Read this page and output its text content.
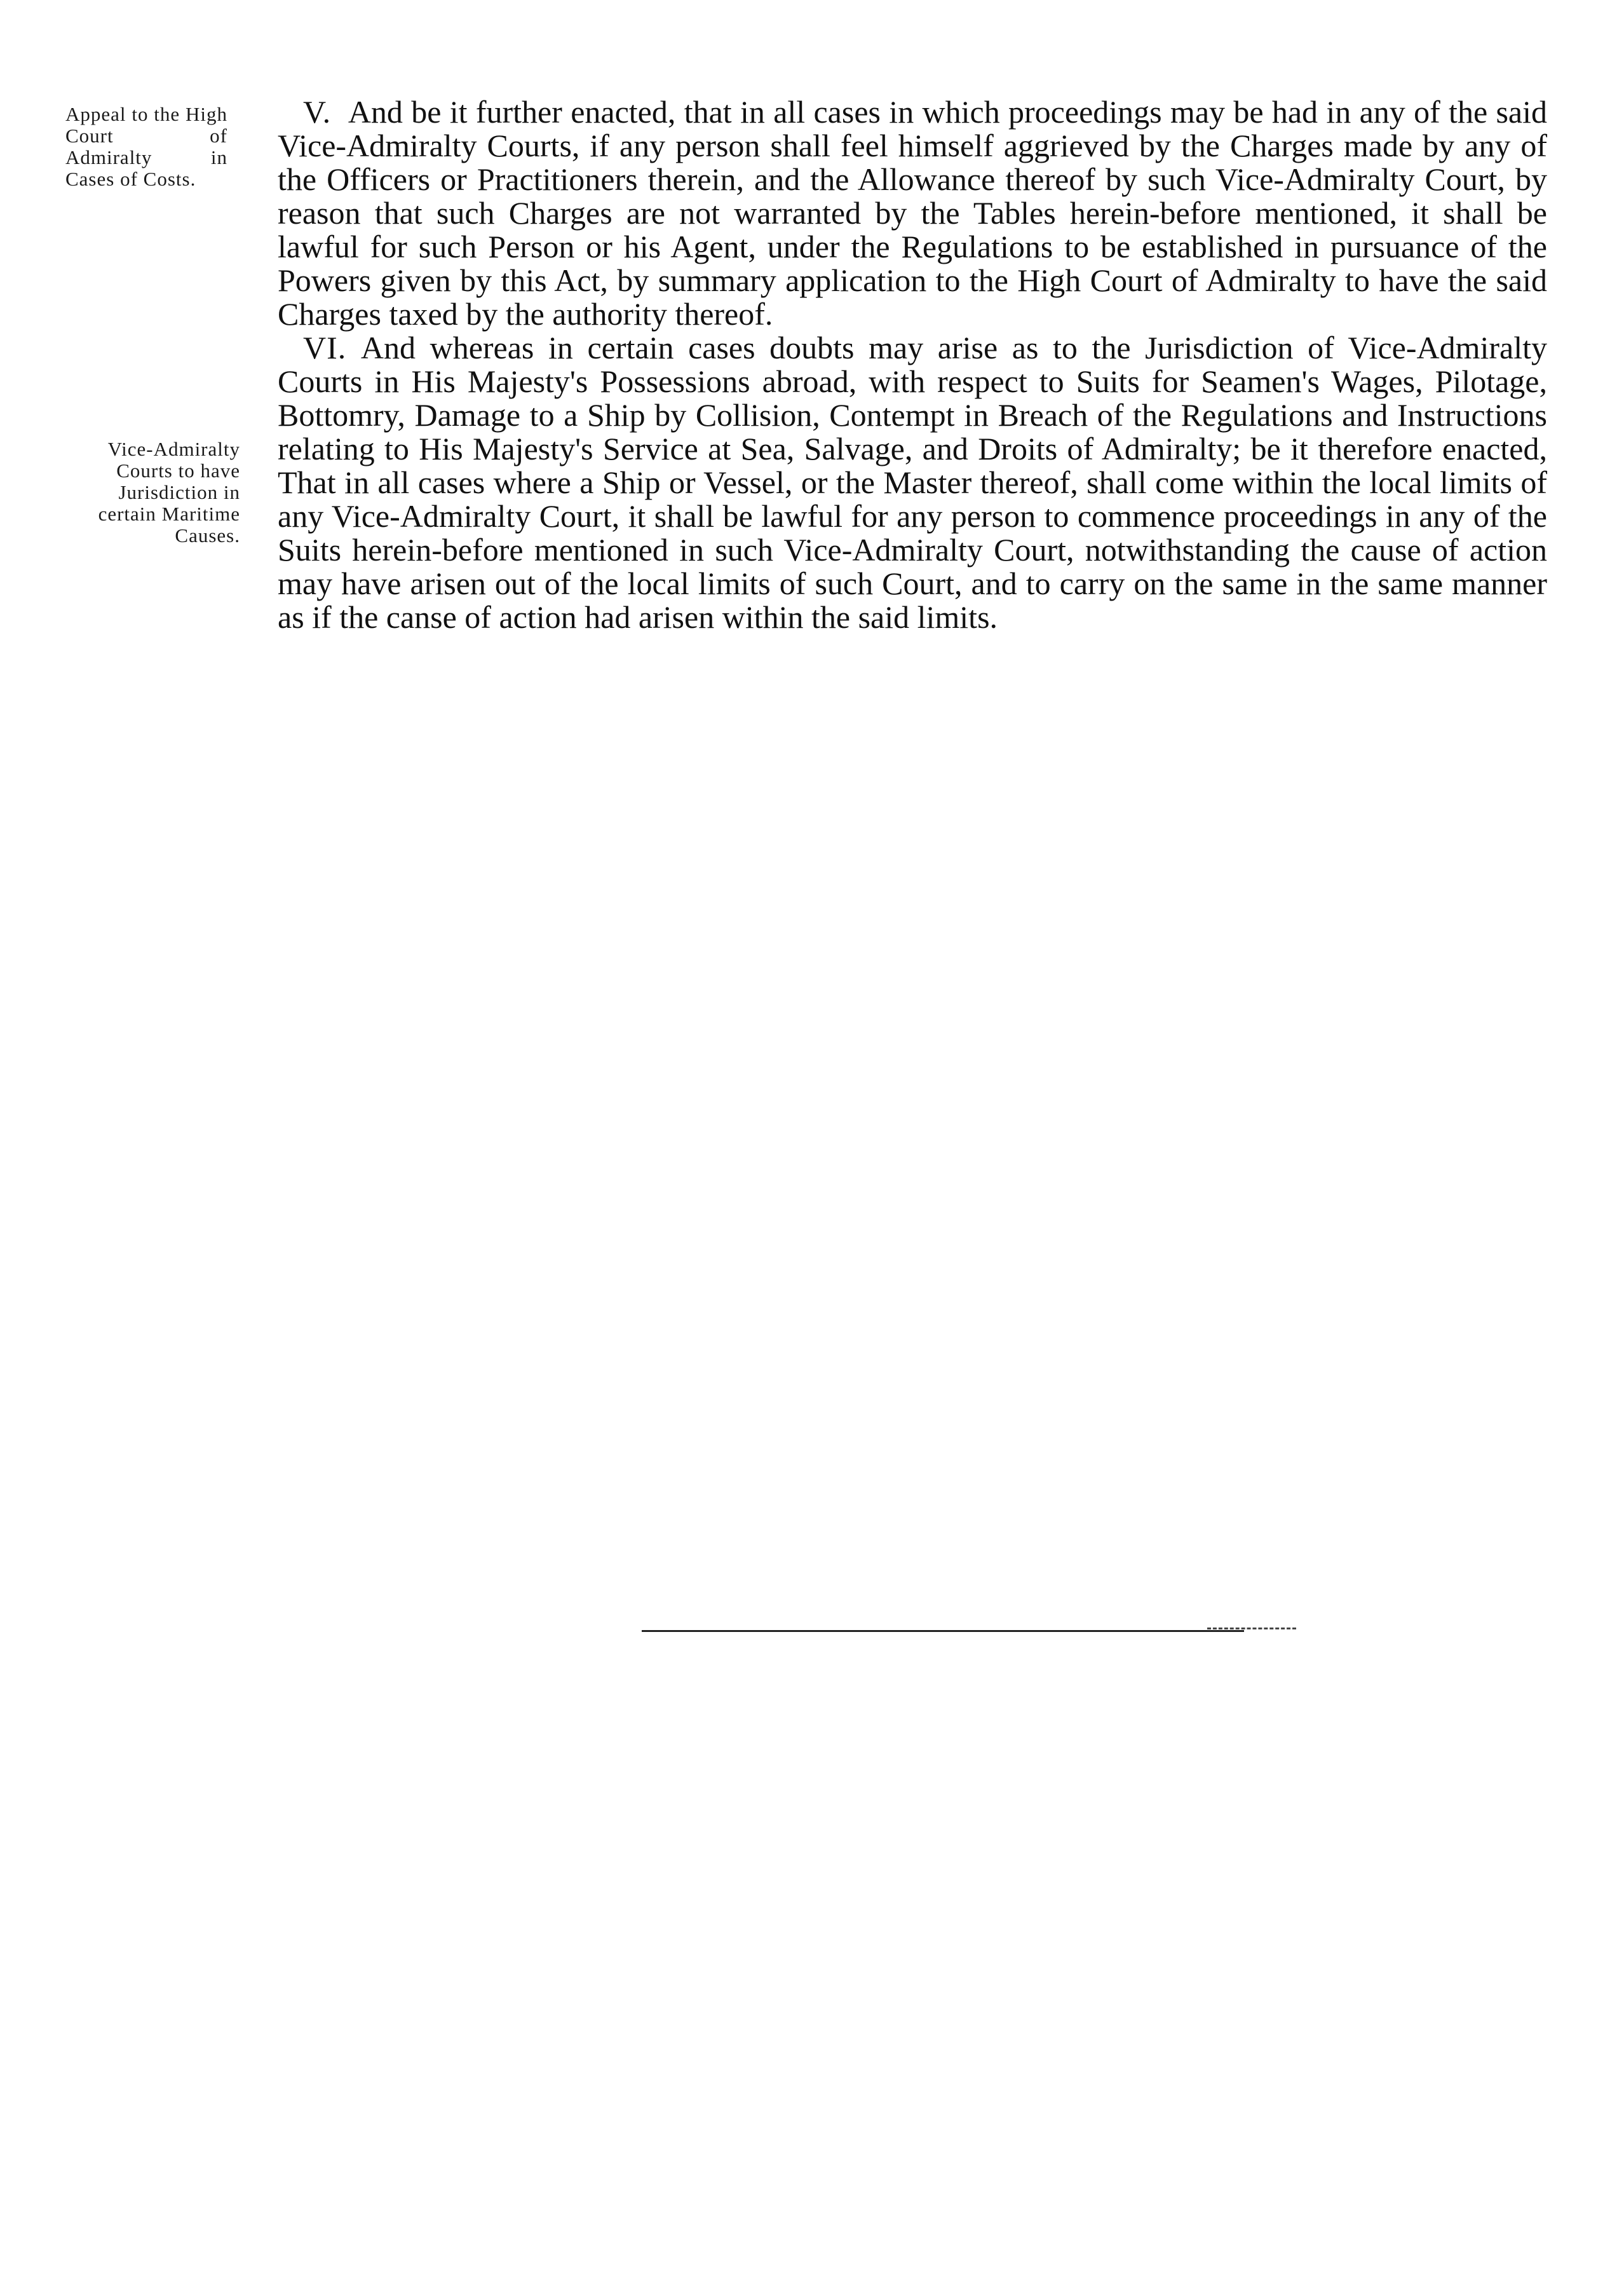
Appeal to the High Court of Admiralty in Cases of Costs.
Vice-Admiralty Courts to have Jurisdiction in certain Maritime Causes.

V. And be it further enacted, that in all cases in which proceedings may be had in any of the said Vice-Admiralty Courts, if any person shall feel himself aggrieved by the Charges made by any of the Officers or Practitioners therein, and the Allowance thereof by such Vice-Admiralty Court, by reason that such Charges are not warranted by the Tables herein-before mentioned, it shall be lawful for such Person or his Agent, under the Regulations to be established in pursuance of the Powers given by this Act, by summary application to the High Court of Admiralty to have the said Charges taxed by the authority thereof.

VI. And whereas in certain cases doubts may arise as to the Jurisdiction of Vice-Admiralty Courts in His Majesty's Possessions abroad, with respect to Suits for Seamen's Wages, Pilotage, Bottomry, Damage to a Ship by Collision, Contempt in Breach of the Regulations and Instructions relating to His Majesty's Service at Sea, Salvage, and Droits of Admiralty; be it therefore enacted, That in all cases where a Ship or Vessel, or the Master thereof, shall come within the local limits of any Vice-Admiralty Court, it shall be lawful for any person to commence proceedings in any of the Suits herein-before mentioned in such Vice-Admiralty Court, notwithstanding the cause of action may have arisen out of the local limits of such Court, and to carry on the same in the same manner as if the canse of action had arisen within the said limits.
